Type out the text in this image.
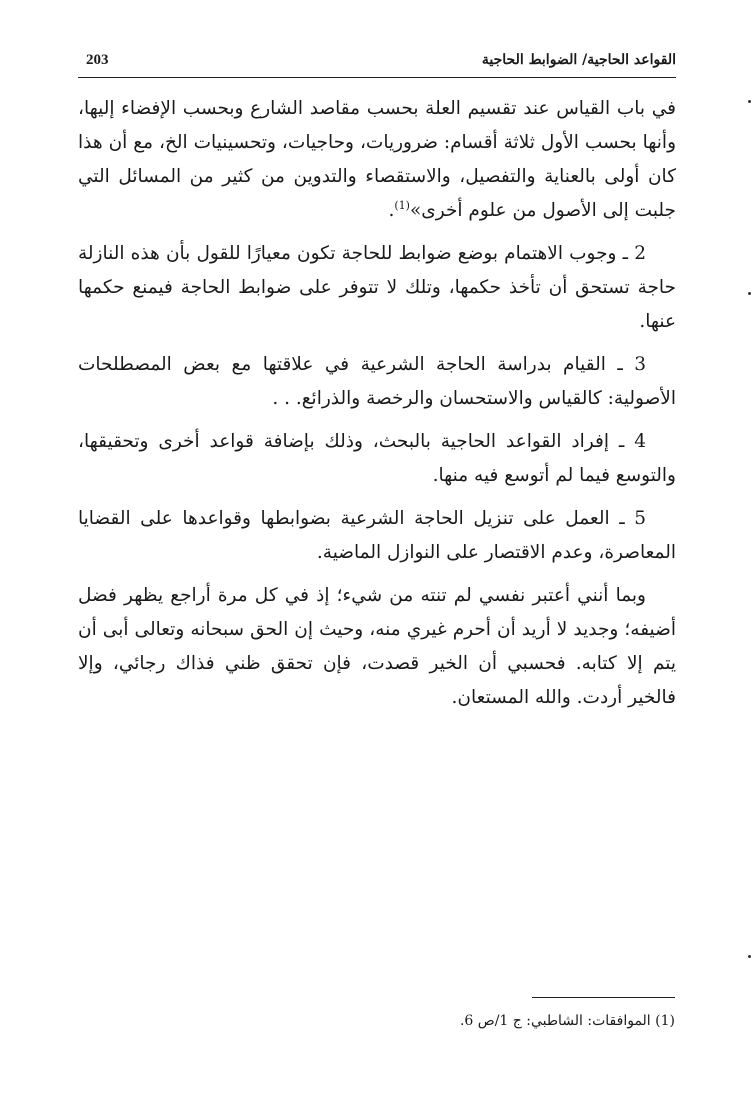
203	القواعد الحاجية/ الضوابط الحاجية

في باب القياس عند تقسيم العلة بحسب مقاصد الشارع وبحسب الإفضاء إليها، وأنها بحسب الأول ثلاثة أقسام: ضروريات، وحاجيات، وتحسينيات الخ، مع أن هذا كان أولى بالعناية والتفصيل، والاستقصاء والتدوين من كثير من المسائل التي جلبت إلى الأصول من علوم أخرى»$^{(1)}$.

2 ـ وجوب الاهتمام بوضع ضوابط للحاجة تكون معيارًا للقول بأن هذه النازلة حاجة تستحق أن تأخذ حكمها، وتلك لا تتوفر على ضوابط الحاجة فيمنع حكمها عنها.

3 ـ القيام بدراسة الحاجة الشرعية في علاقتها مع بعض المصطلحات الأصولية: كالقياس والاستحسان والرخصة والذرائع. . .

4 ـ إفراد القواعد الحاجية بالبحث، وذلك بإضافة قواعد أخرى وتحقيقها، والتوسع فيما لم أتوسع فيه منها.

5 ـ العمل على تنزيل الحاجة الشرعية بضوابطها وقواعدها على القضايا المعاصرة، وعدم الاقتصار على النوازل الماضية.

وبما أنني أعتبر نفسي لم تنته من شيء؛ إذ في كل مرة أراجع يظهر فضل أضيفه؛ وجديد لا أريد أن أحرم غيري منه، وحيث إن الحق سبحانه وتعالى أبى أن يتم إلا كتابه. فحسبي أن الخير قصدت، فإن تحقق ظني فذاك رجائي، وإلا فالخير أردت. والله المستعان.

(1) الموافقات: الشاطبي: ج 1/ص 6.
